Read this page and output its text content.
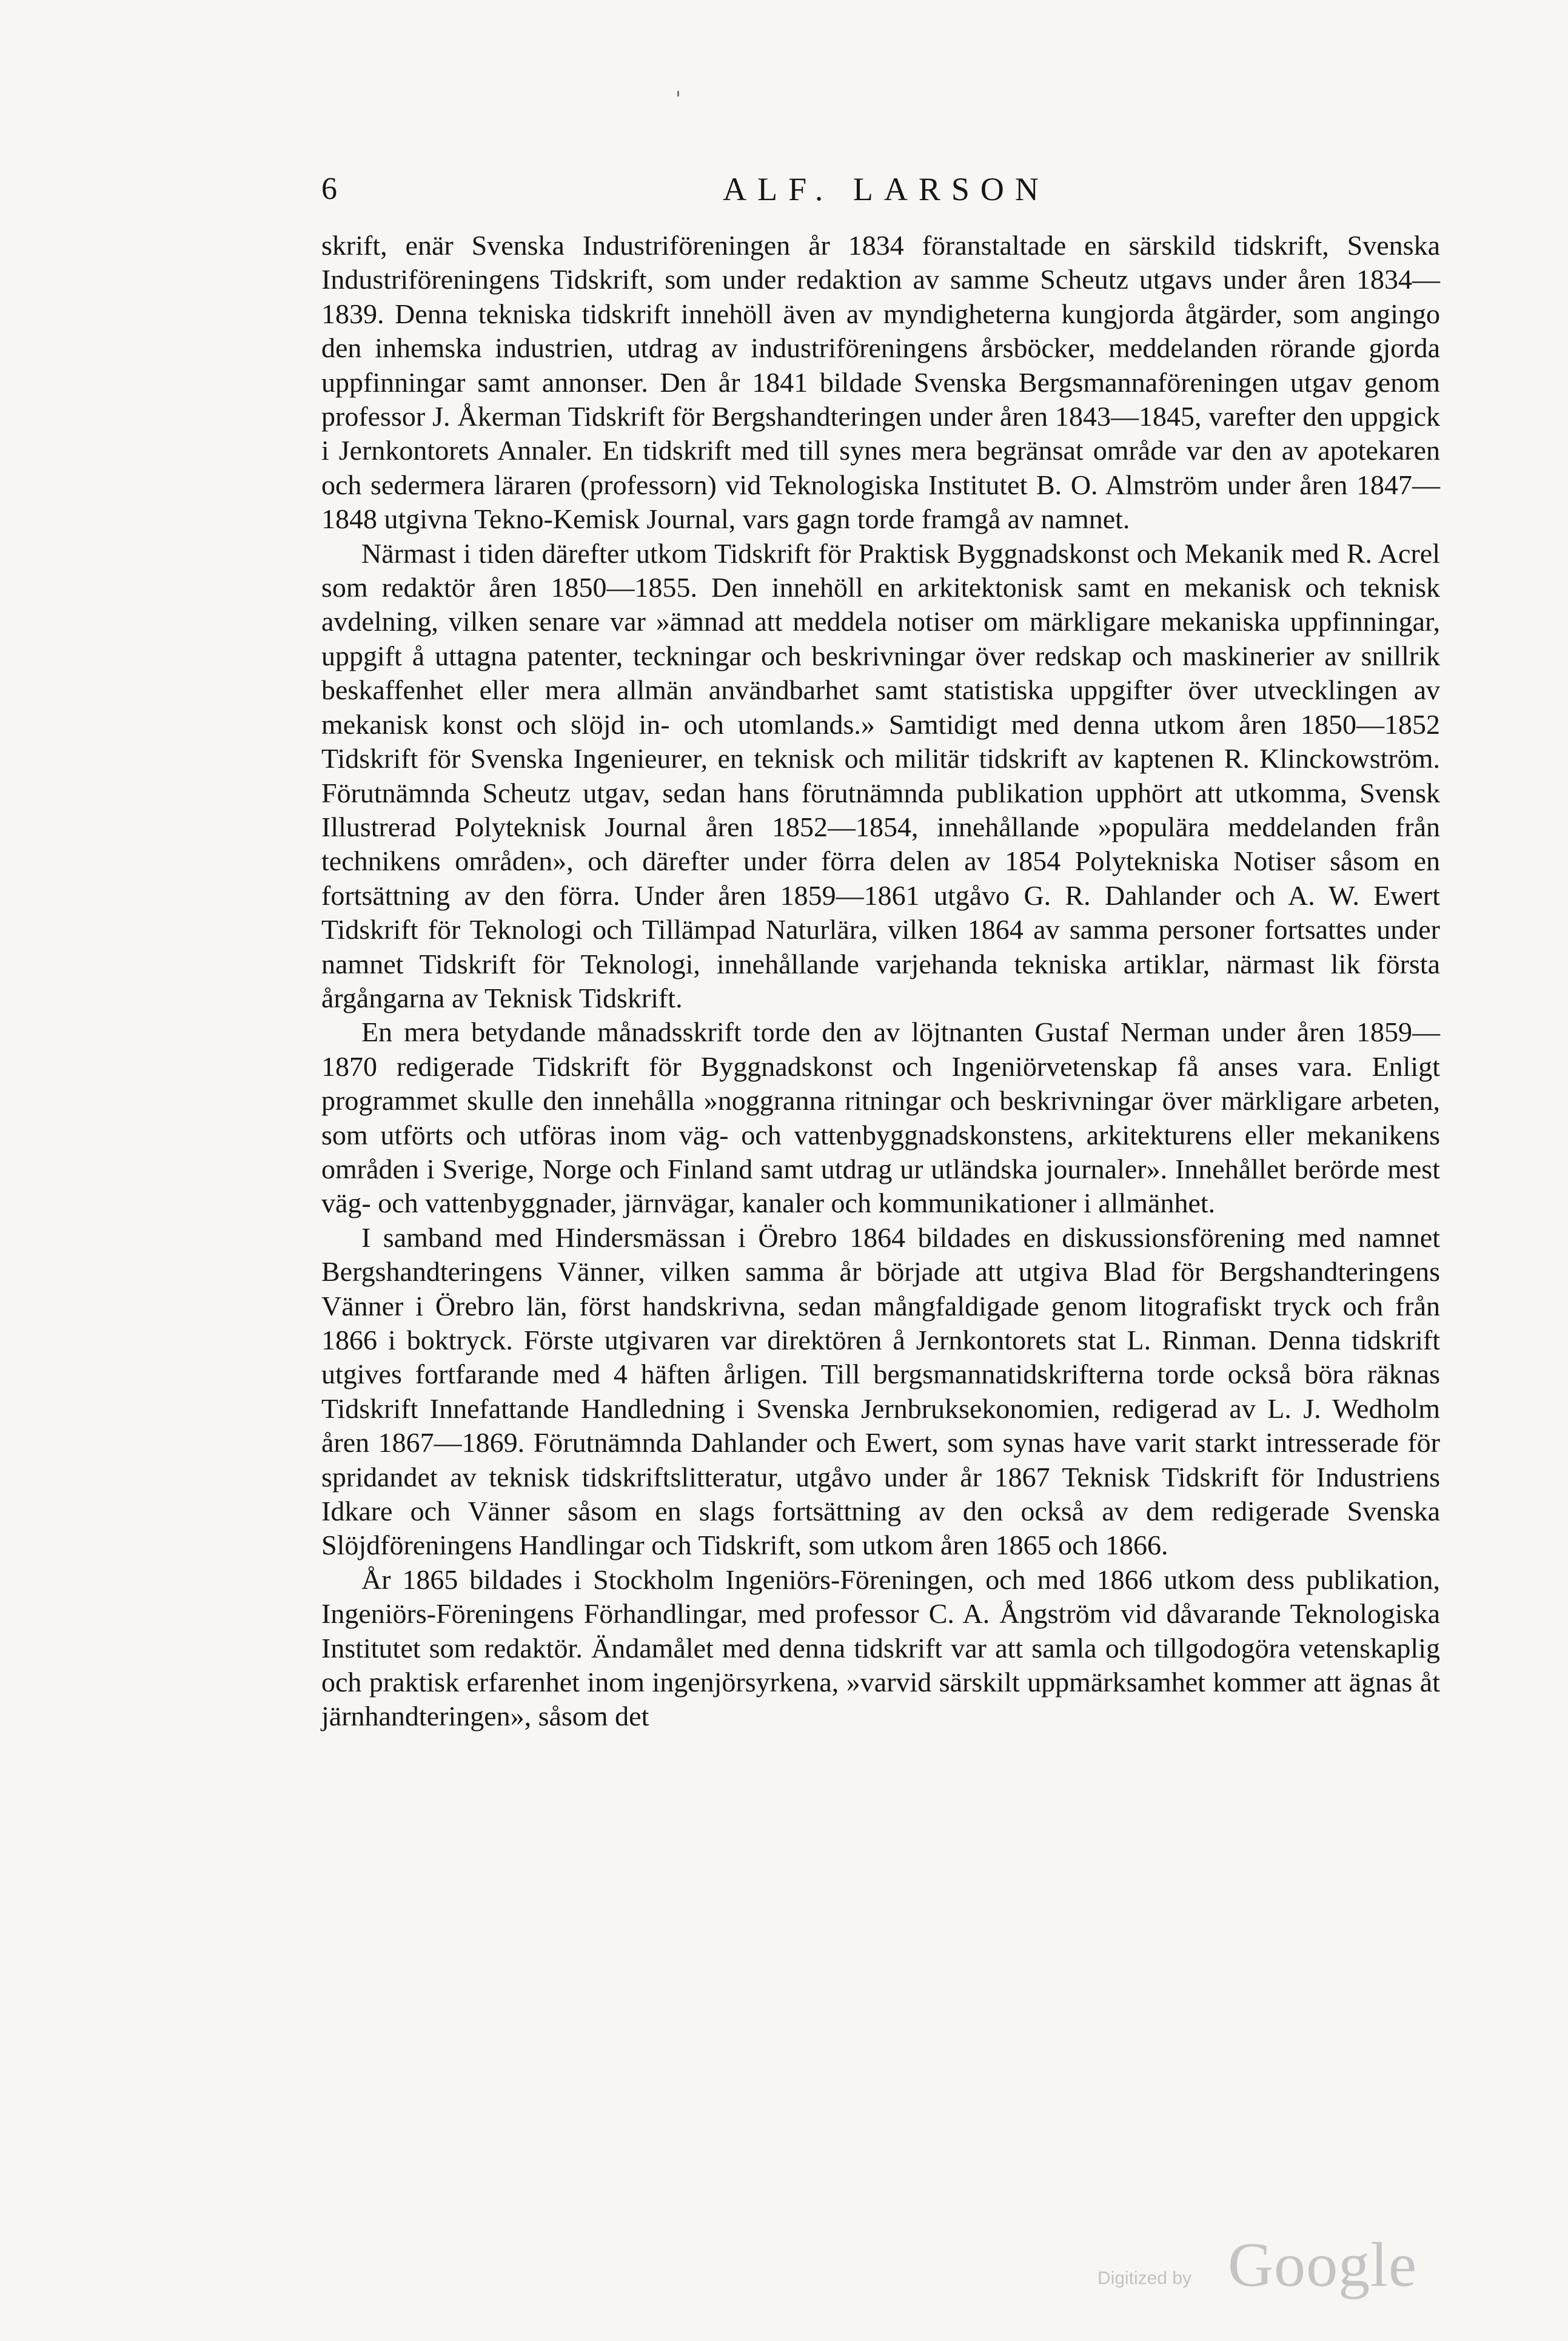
6	ALF. LARSON

skrift, enär Svenska Industriföreningen år 1834 föranstaltade en särskild tidskrift, Svenska Industriföreningens Tidskrift, som under redaktion av samme Scheutz utgavs under åren 1834—1839. Denna tekniska tidskrift innehöll även av myndigheterna kungjorda åtgärder, som angingo den inhemska industrien, utdrag av industriföreningens årsböcker, meddelanden rörande gjorda uppfinningar samt annonser. Den år 1841 bildade Svenska Bergsmannaföreningen utgav genom professor J. Åkerman Tidskrift för Bergshandteringen under åren 1843—1845, varefter den uppgick i Jernkontorets Annaler. En tidskrift med till synes mera begränsat område var den av apotekaren och sedermera läraren (professorn) vid Teknologiska Institutet B. O. Almström under åren 1847—1848 utgivna Tekno-Kemisk Journal, vars gagn torde framgå av namnet.

Närmast i tiden därefter utkom Tidskrift för Praktisk Byggnadskonst och Mekanik med R. Acrel som redaktör åren 1850—1855. Den innehöll en arkitektonisk samt en mekanisk och teknisk avdelning, vilken senare var »ämnad att meddela notiser om märkligare mekaniska uppfinningar, uppgift å uttagna patenter, teckningar och beskrivningar över redskap och maskinerier av snillrik beskaffenhet eller mera allmän användbarhet samt statistiska uppgifter över utvecklingen av mekanisk konst och slöjd in- och utomlands.» Samtidigt med denna utkom åren 1850—1852 Tidskrift för Svenska Ingenieurer, en teknisk och militär tidskrift av kaptenen R. Klinckowström. Förutnämnda Scheutz utgav, sedan hans förutnämnda publikation upphört att utkomma, Svensk Illustrerad Polyteknisk Journal åren 1852—1854, innehållande »populära meddelanden från technikens områden», och därefter under förra delen av 1854 Polytekniska Notiser såsom en fortsättning av den förra. Under åren 1859—1861 utgåvo G. R. Dahlander och A. W. Ewert Tidskrift för Teknologi och Tillämpad Naturlära, vilken 1864 av samma personer fortsattes under namnet Tidskrift för Teknologi, innehållande varjehanda tekniska artiklar, närmast lik första årgångarna av Teknisk Tidskrift.

En mera betydande månadsskrift torde den av löjtnanten Gustaf Nerman under åren 1859—1870 redigerade Tidskrift för Byggnadskonst och Ingeniörvetenskap få anses vara. Enligt programmet skulle den innehålla »noggranna ritningar och beskrivningar över märkligare arbeten, som utförts och utföras inom väg- och vattenbyggnadskonstens, arkitekturens eller mekanikens områden i Sverige, Norge och Finland samt utdrag ur utländska journaler». Innehållet berörde mest väg- och vattenbyggnader, järnvägar, kanaler och kommunikationer i allmänhet.

I samband med Hindersmässan i Örebro 1864 bildades en diskussionsförening med namnet Bergshandteringens Vänner, vilken samma år började att utgiva Blad för Bergshandteringens Vänner i Örebro län, först handskrivna, sedan mångfaldigade genom litografiskt tryck och från 1866 i boktryck. Förste utgivaren var direktören å Jernkontorets stat L. Rinman. Denna tidskrift utgives fortfarande med 4 häften årligen. Till bergsmannatidskrifterna torde också böra räknas Tidskrift Innefattande Handledning i Svenska Jernbruksekonomien, redigerad av L. J. Wedholm åren 1867—1869. Förutnämnda Dahlander och Ewert, som synas have varit starkt intresserade för spridandet av teknisk tidskriftslitteratur, utgåvo under år 1867 Teknisk Tidskrift för Industriens Idkare och Vänner såsom en slags fortsättning av den också av dem redigerade Svenska Slöjdföreningens Handlingar och Tidskrift, som utkom åren 1865 och 1866.

År 1865 bildades i Stockholm Ingeniörs-Föreningen, och med 1866 utkom dess publikation, Ingeniörs-Föreningens Förhandlingar, med professor C. A. Ångström vid dåvarande Teknologiska Institutet som redaktör. Ändamålet med denna tidskrift var att samla och tillgodogöra vetenskaplig och praktisk erfarenhet inom ingenjörsyrkena, »varvid särskilt uppmärksamhet kommer att ägnas åt järnhandteringen», såsom det

Digitized by Google
